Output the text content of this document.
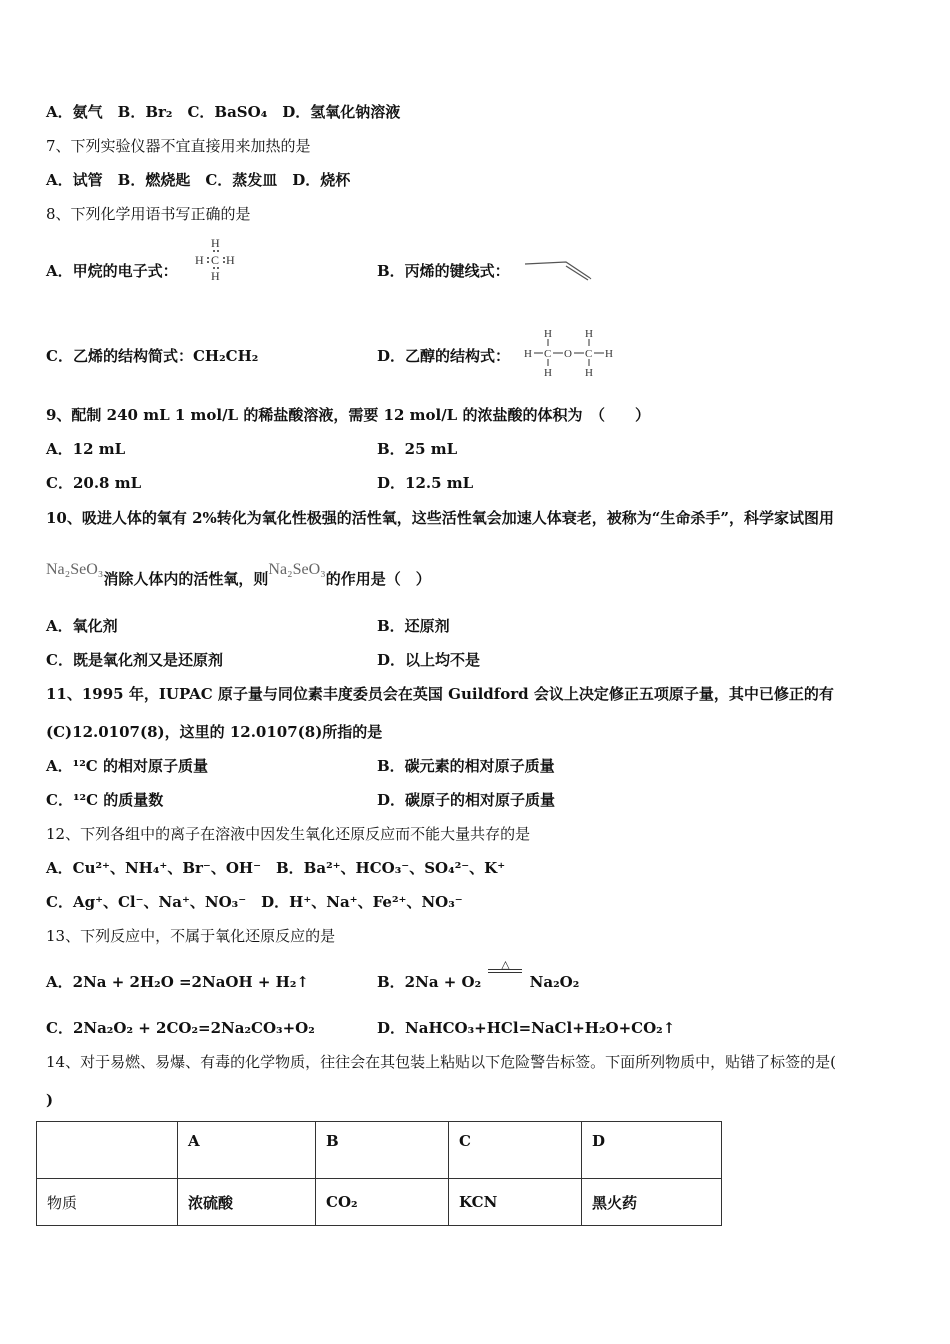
A．氨气　B．Br₂　C．BaSO₄　D．氢氧化钠溶液
7、下列实验仪器不宜直接用来加热的是
A．试管　B．燃烧匙　C．蒸发皿　D．烧杯
8、下列化学用语书写正确的是
A．甲烷的电子式：
H
H C H
H	B．丙烯的键线式：
C．乙烯的结构简式：CH₂CH₂	D．乙醇的结构式：
H
H C O C H
H
H
H
9、配制 240 mL 1 mol/L 的稀盐酸溶液，需要 12 mol/L 的浓盐酸的体积为　（　　）
A．12 mL	B．25 mL
C．20.8 mL	D．12.5 mL
10、吸进人体的氧有 2%转化为氧化性极强的活性氧，这些活性氧会加速人体衰老，被称为“生命杀手”，科学家试图用
Na₂SeO₃消除人体内的活性氧，则Na₂SeO₃的作用是（　）
A．氧化剂	B．还原剂
C．既是氧化剂又是还原剂	D．以上均不是
11、1995 年，IUPAC 原子量与同位素丰度委员会在英国 Guildford 会议上决定修正五项原子量，其中已修正的有
(C)12.0107(8)，这里的 12.0107(8)所指的是
A．¹²C 的相对原子质量	B．碳元素的相对原子质量
C．¹²C 的质量数	D．碳原子的相对原子质量
12、下列各组中的离子在溶液中因发生氧化还原反应而不能大量共存的是
A．Cu²⁺、NH₄⁺、Br⁻、OH⁻　B．Ba²⁺、HCO₃⁻、SO₄²⁻、K⁺
C．Ag⁺、Cl⁻、Na⁺、NO₃⁻　D．H⁺、Na⁺、Fe²⁺、NO₃⁻
13、下列反应中，不属于氧化还原反应的是
A．2Na + 2H₂O =2NaOH + H₂↑	B．2Na + O₂
△
Na₂O₂
C．2Na₂O₂ + 2CO₂=2Na₂CO₃+O₂	D．NaHCO₃+HCl=NaCl+H₂O+CO₂↑
14、对于易燃、易爆、有毒的化学物质，往往会在其包装上粘贴以下危险警告标签。下面所列物质中，贴错了标签的是(
)
	A	B	C	D
物质	浓硫酸	CO₂	KCN	黑火药
